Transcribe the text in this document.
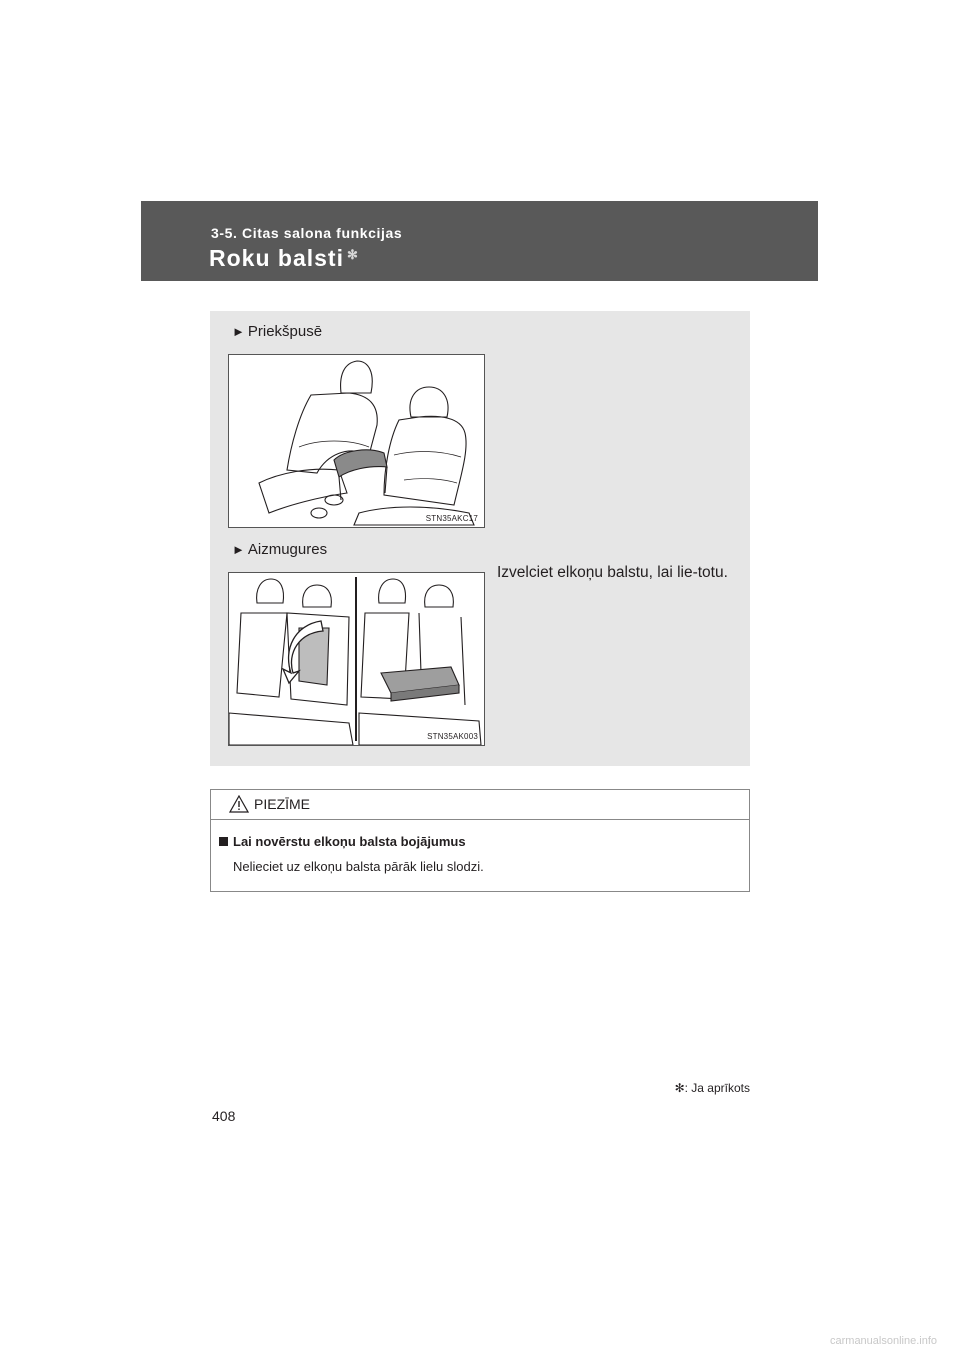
3-5. Citas salona funkcijas
Roku balsti ✻
► Priekšpusē
STN35AKC17
► Aizmugures
STN35AK003
Izvelciet elkoņu balstu, lai lie-totu.
PIEZĪME
Lai novērstu elkoņu balsta bojājumus
Nelieciet uz elkoņu balsta pārāk lielu slodzi.
✻: Ja aprīkots
408
carmanualsonline.info
